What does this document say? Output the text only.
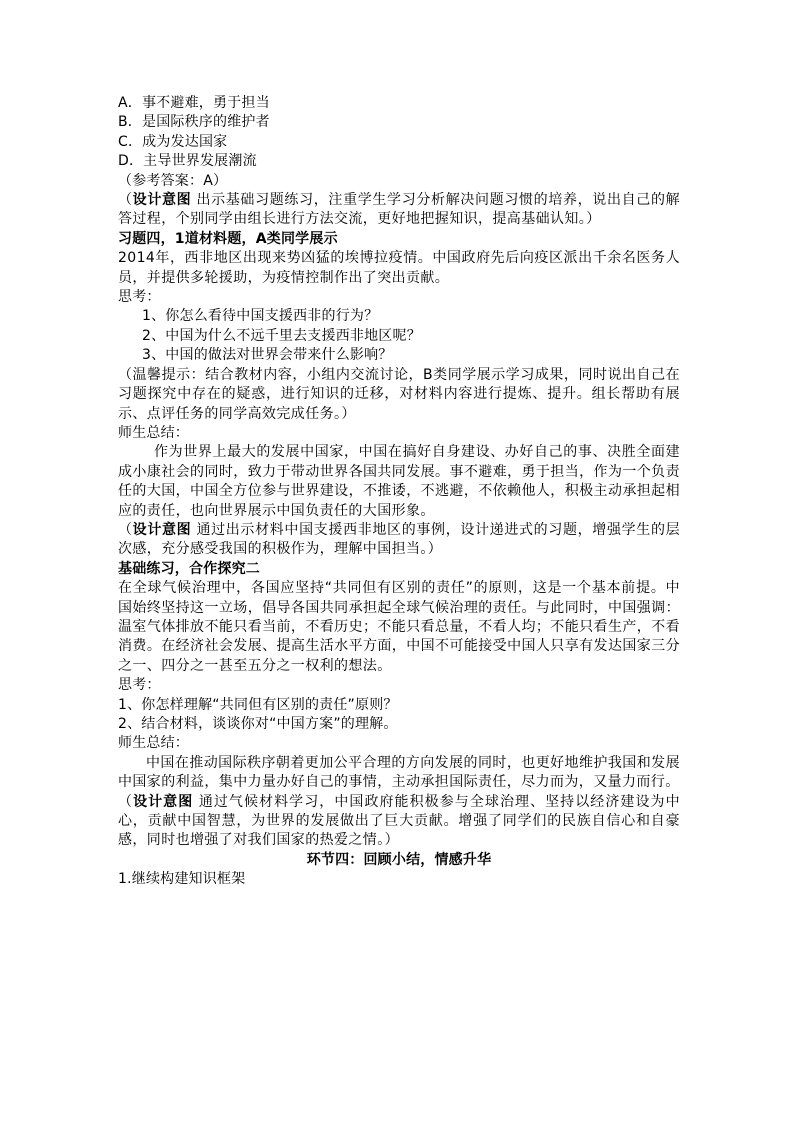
A．事不避难，勇于担当
B．是国际秩序的维护者
C．成为发达国家
D．主导世界发展潮流
（参考答案：A）
（设计意图 出示基础习题练习，注重学生学习分析解决问题习惯的培养，说出自己的解答过程，个别同学由组长进行方法交流，更好地把握知识，提高基础认知。）
习题四，1道材料题，A类同学展示
2014年，西非地区出现来势凶猛的埃博拉疫情。中国政府先后向疫区派出千余名医务人员，并提供多轮援助，为疫情控制作出了突出贡献。
思考：
1、你怎么看待中国支援西非的行为？
2、中国为什么不远千里去支援西非地区呢？
3、中国的做法对世界会带来什么影响？
（温馨提示：结合教材内容，小组内交流讨论，B类同学展示学习成果，同时说出自己在习题探究中存在的疑惑，进行知识的迁移，对材料内容进行提炼、提升。组长帮助有展示、点评任务的同学高效完成任务。）
师生总结：
作为世界上最大的发展中国家，中国在搞好自身建设、办好自己的事、决胜全面建成小康社会的同时，致力于带动世界各国共同发展。事不避难，勇于担当，作为一个负责任的大国，中国全方位参与世界建设，不推诿，不逃避，不依赖他人，积极主动承担起相应的责任，也向世界展示中国负责任的大国形象。
（设计意图 通过出示材料中国支援西非地区的事例，设计递进式的习题，增强学生的层次感，充分感受我国的积极作为，理解中国担当。）
基础练习，合作探究二
在全球气候治理中，各国应坚持“共同但有区别的责任”的原则，这是一个基本前提。中国始终坚持这一立场，倡导各国共同承担起全球气候治理的责任。与此同时，中国强调：温室气体排放不能只看当前，不看历史；不能只看总量，不看人均；不能只看生产，不看消费。在经济社会发展、提高生活水平方面，中国不可能接受中国人只享有发达国家三分之一、四分之一甚至五分之一权利的想法。
思考：
1、你怎样理解“共同但有区别的责任”原则？
2、结合材料，谈谈你对“中国方案”的理解。
师生总结：
中国在推动国际秩序朝着更加公平合理的方向发展的同时，也更好地维护我国和发展中国家的利益，集中力量办好自己的事情，主动承担国际责任，尽力而为，又量力而行。
（设计意图 通过气候材料学习，中国政府能积极参与全球治理、坚持以经济建设为中心，贡献中国智慧，为世界的发展做出了巨大贡献。增强了同学们的民族自信心和自豪感，同时也增强了对我们国家的热爱之情。）
环节四：回顾小结，情感升华
1.继续构建知识框架
